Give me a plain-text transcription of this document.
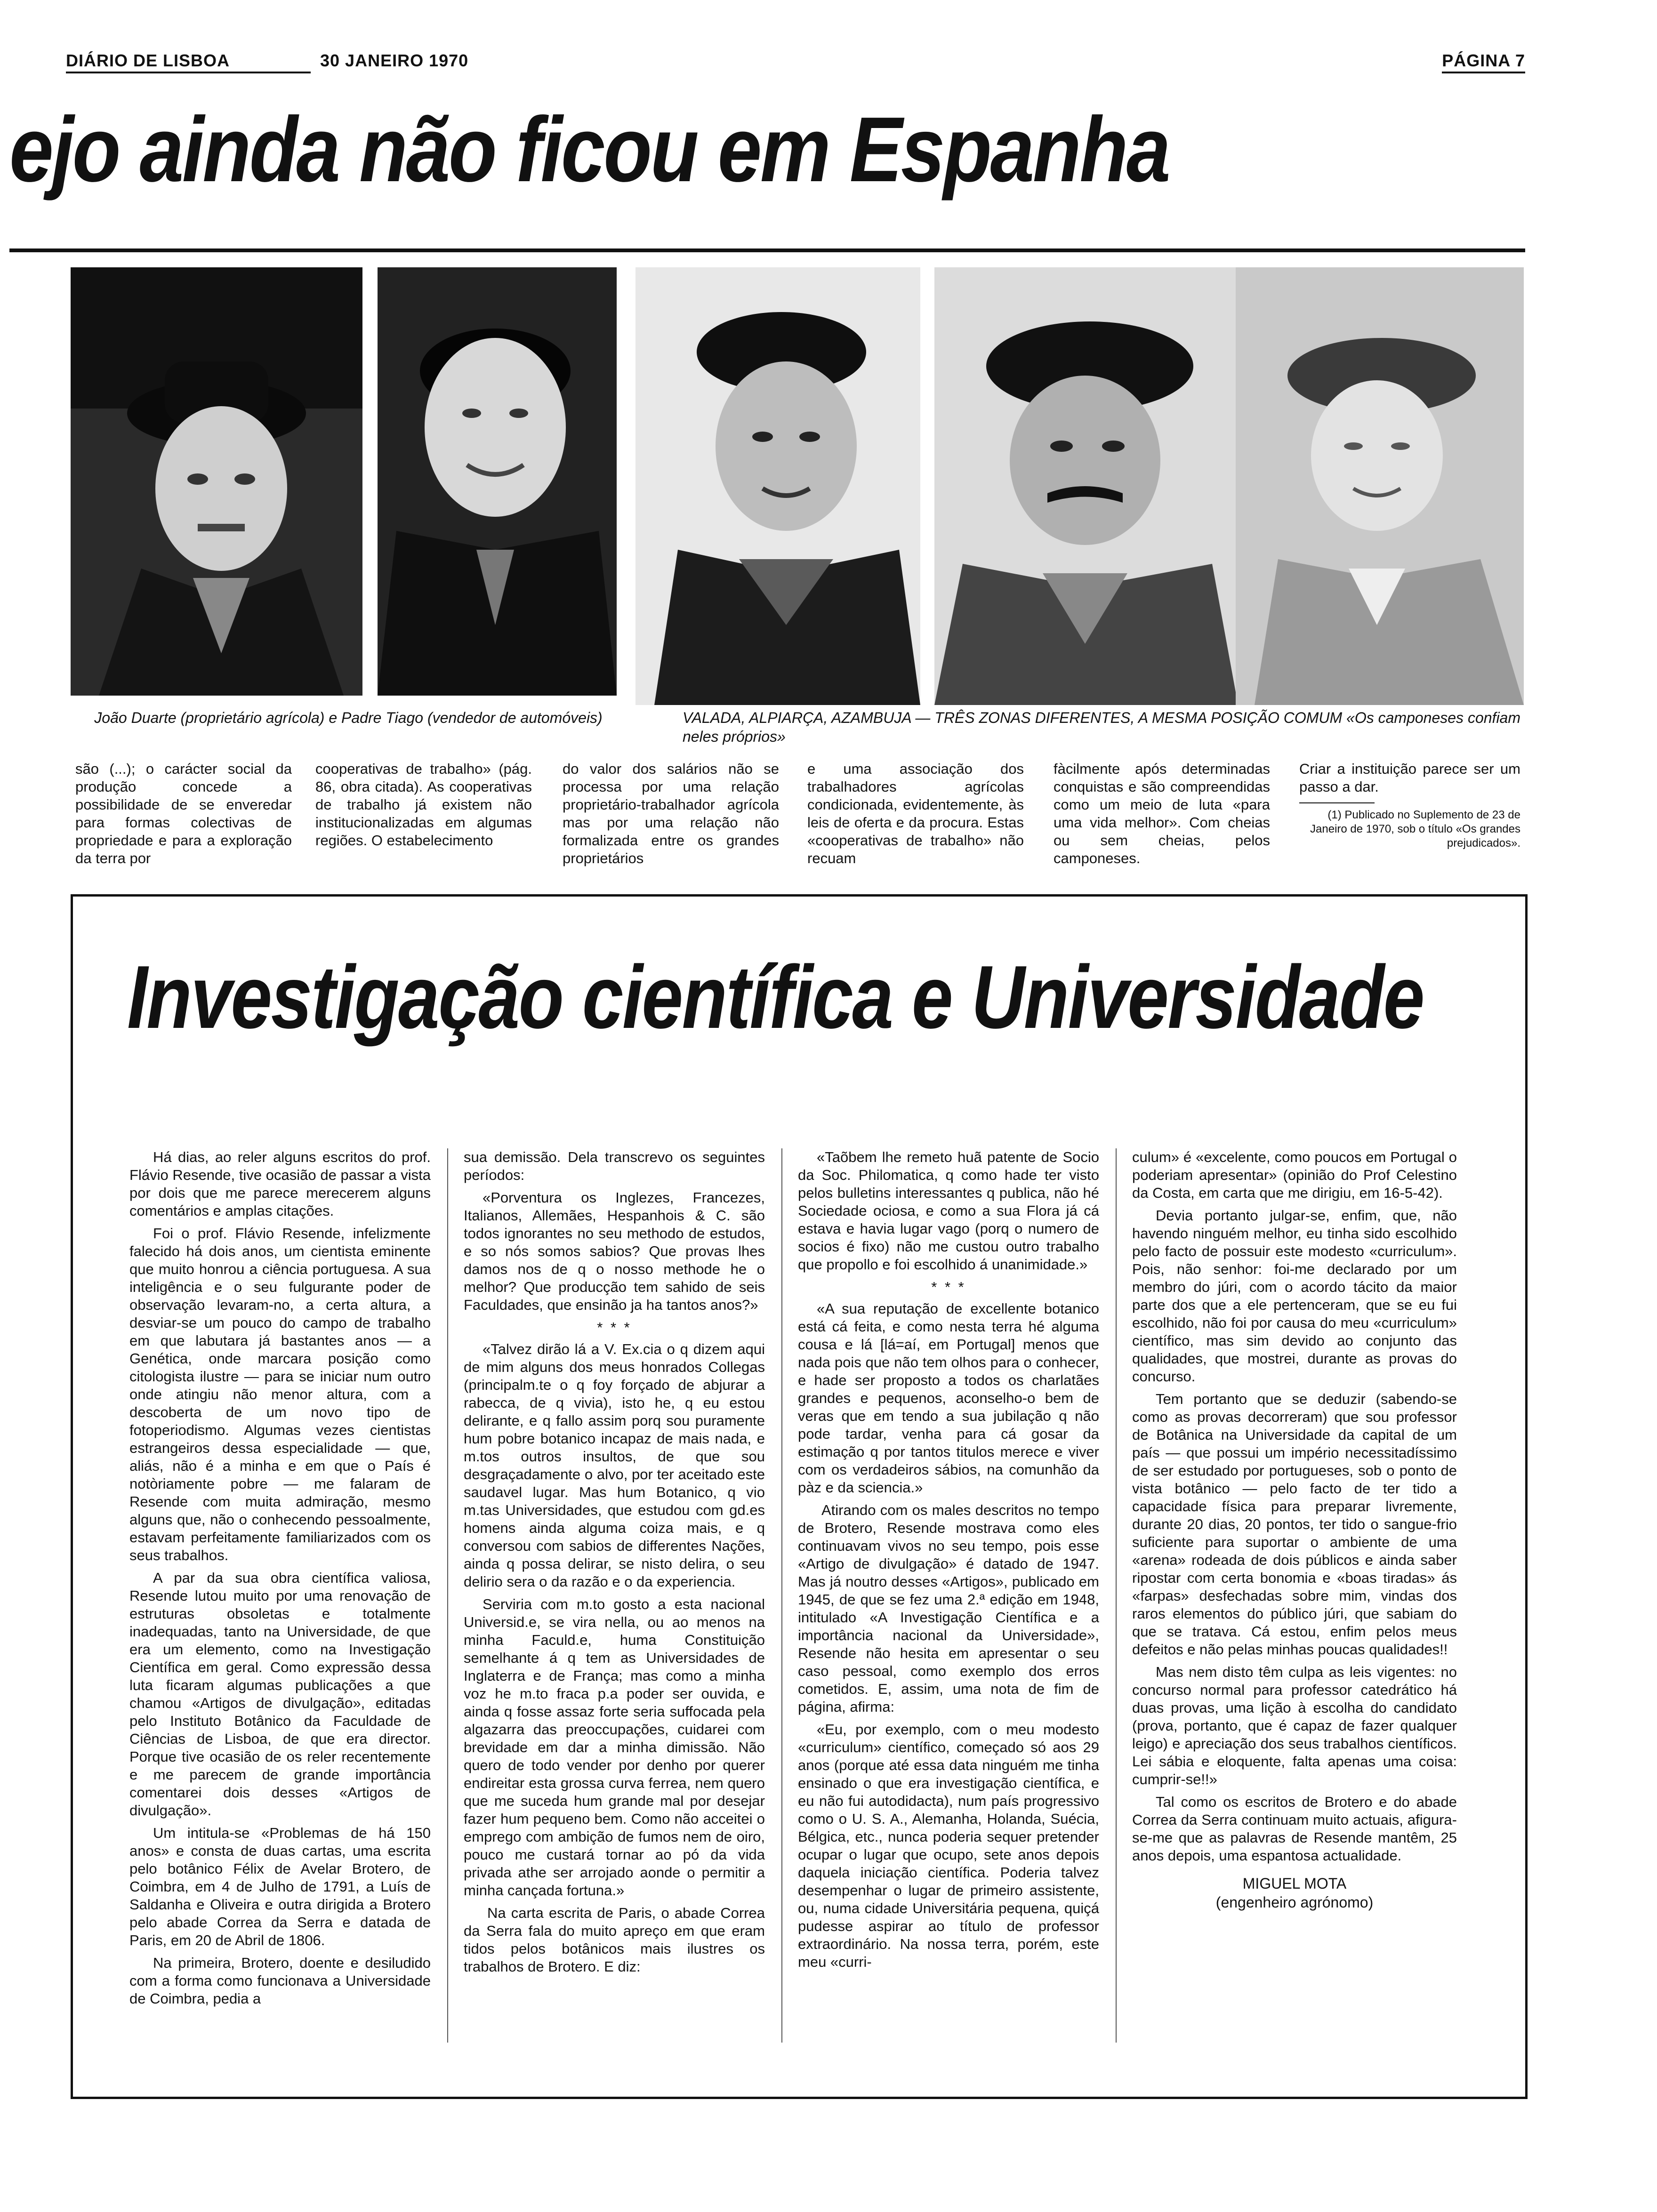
DIÁRIO DE LISBOA	30 JANEIRO 1970	PÁGINA 7
ejo ainda não ficou em Espanha
João Duarte (proprietário agrícola) e Padre Tiago (vendedor de automóveis)	VALADA, ALPIARÇA, AZAMBUJA — TRÊS ZONAS DIFERENTES, A MESMA POSIÇÃO COMUM «Os camponeses confiam neles próprios»

são (...); o carácter social da produção concede a possibilidade de se enveredar para formas colectivas de propriedade e para a exploração da terra por

cooperativas de trabalho» (pág. 86, obra citada). As cooperativas de trabalho já existem não institucionalizadas em algumas regiões. O estabelecimento

do valor dos salários não se processa por uma relação proprietário-trabalhador agrícola mas por uma relação não formalizada entre os grandes proprietários

e uma associação dos trabalhadores agrícolas condicionada, evidentemente, às leis de oferta e da procura. Estas «cooperativas de trabalho» não recuam

fàcilmente após determinadas conquistas e são compreendidas como um meio de luta «para uma vida melhor». Com cheias ou sem cheias, pelos camponeses.

Criar a instituição parece ser um passo a dar.

(1) Publicado no Suplemento de 23 de Janeiro de 1970, sob o título «Os grandes prejudicados».
Investigação científica e Universidade

Há dias, ao reler alguns escritos do prof. Flávio Resende, tive ocasião de passar a vista por dois que me parece merecerem alguns comentários e amplas citações.

Foi o prof. Flávio Resende, infelizmente falecido há dois anos, um cientista eminente que muito honrou a ciência portuguesa. A sua inteligência e o seu fulgurante poder de observação levaram-no, a certa altura, a desviar-se um pouco do campo de trabalho em que labutara já bastantes anos — a Genética, onde marcara posição como citologista ilustre — para se iniciar num outro onde atingiu não menor altura, com a descoberta de um novo tipo de fotoperiodismo. Algumas vezes cientistas estrangeiros dessa especialidade — que, aliás, não é a minha e em que o País é notòriamente pobre — me falaram de Resende com muita admiração, mesmo alguns que, não o conhecendo pessoalmente, estavam perfeitamente familiarizados com os seus trabalhos.

A par da sua obra científica valiosa, Resende lutou muito por uma renovação de estruturas obsoletas e totalmente inadequadas, tanto na Universidade, de que era um elemento, como na Investigação Científica em geral. Como expressão dessa luta ficaram algumas publicações a que chamou «Artigos de divulgação», editadas pelo Instituto Botânico da Faculdade de Ciências de Lisboa, de que era director. Porque tive ocasião de os reler recentemente e me parecem de grande importância comentarei dois desses «Artigos de divulgação».

Um intitula-se «Problemas de há 150 anos» e consta de duas cartas, uma escrita pelo botânico Félix de Avelar Brotero, de Coimbra, em 4 de Julho de 1791, a Luís de Saldanha e Oliveira e outra dirigida a Brotero pelo abade Correa da Serra e datada de Paris, em 20 de Abril de 1806.

Na primeira, Brotero, doente e desiludido com a forma como funcionava a Universidade de Coimbra, pedia a

sua demissão. Dela transcrevo os seguintes períodos:

«Porventura os Inglezes, Francezes, Italianos, Allemães, Hespanhois & C. são todos ignorantes no seu methodo de estudos, e so nós somos sabios? Que provas lhes damos nos de q o nosso methode he o melhor? Que producção tem sahido de seis Faculdades, que ensinão ja ha tantos anos?»

* * *

«Talvez dirão lá a V. Ex.cia o q dizem aqui de mim alguns dos meus honrados Collegas (principalm.te o q foy forçado de abjurar a rabecca, de q vivia), isto he, q eu estou delirante, e q fallo assim porq sou puramente hum pobre botanico incapaz de mais nada, e m.tos outros insultos, de que sou desgraçadamente o alvo, por ter aceitado este saudavel lugar. Mas hum Botanico, q vio m.tas Universidades, que estudou com gd.es homens ainda alguma coiza mais, e q conversou com sabios de differentes Nações, ainda q possa delirar, se nisto delira, o seu delirio sera o da razão e o da experiencia.

Serviria com m.to gosto a esta nacional Universid.e, se vira nella, ou ao menos na minha Faculd.e, huma Constituição semelhante á q tem as Universidades de Inglaterra e de França; mas como a minha voz he m.to fraca p.a poder ser ouvida, e ainda q fosse assaz forte seria suffocada pela algazarra das preoccupações, cuidarei com brevidade em dar a minha dimissão. Não quero de todo vender por denho por querer endireitar esta grossa curva ferrea, nem quero que me suceda hum grande mal por desejar fazer hum pequeno bem. Como não acceitei o emprego com ambição de fumos nem de oiro, pouco me custará tornar ao pó da vida privada athe ser arrojado aonde o permitir a minha cançada fortuna.»

Na carta escrita de Paris, o abade Correa da Serra fala do muito apreço em que eram tidos pelos botânicos mais ilustres os trabalhos de Brotero. E diz:

«Taõbem lhe remeto huã patente de Socio da Soc. Philomatica, q como hade ter visto pelos bulletins interessantes q publica, não hé Sociedade ociosa, e como a sua Flora já cá estava e havia lugar vago (porq o numero de socios é fixo) não me custou outro trabalho que propollo e foi escolhido á unanimidade.»

* * *

«A sua reputação de excellente botanico está cá feita, e como nesta terra hé alguma cousa e lá [lá=aí, em Portugal] menos que nada pois que não tem olhos para o conhecer, e hade ser proposto a todos os charlatães grandes e pequenos, aconselho-o bem de veras que em tendo a sua jubilação q não pode tardar, venha para cá gosar da estimação q por tantos titulos merece e viver com os verdadeiros sábios, na comunhão da pàz e da sciencia.»

Atirando com os males descritos no tempo de Brotero, Resende mostrava como eles continuavam vivos no seu tempo, pois esse «Artigo de divulgação» é datado de 1947. Mas já noutro desses «Artigos», publicado em 1945, de que se fez uma 2.ª edição em 1948, intitulado «A Investigação Científica e a importância nacional da Universidade», Resende não hesita em apresentar o seu caso pessoal, como exemplo dos erros cometidos. E, assim, uma nota de fim de página, afirma:

«Eu, por exemplo, com o meu modesto «curriculum» científico, começado só aos 29 anos (porque até essa data ninguém me tinha ensinado o que era investigação científica, e eu não fui autodidacta), num país progressivo como o U. S. A., Alemanha, Holanda, Suécia, Bélgica, etc., nunca poderia sequer pretender ocupar o lugar que ocupo, sete anos depois daquela iniciação científica. Poderia talvez desempenhar o lugar de primeiro assistente, ou, numa cidade Universitária pequena, quiçá pudesse aspirar ao título de professor extraordinário. Na nossa terra, porém, este meu «curri-

culum» é «excelente, como poucos em Portugal o poderiam apresentar» (opinião do Prof Celestino da Costa, em carta que me dirigiu, em 16-5-42).

Devia portanto julgar-se, enfim, que, não havendo ninguém melhor, eu tinha sido escolhido pelo facto de possuir este modesto «curriculum». Pois, não senhor: foi-me declarado por um membro do júri, com o acordo tácito da maior parte dos que a ele pertenceram, que se eu fui escolhido, não foi por causa do meu «curriculum» científico, mas sim devido ao conjunto das qualidades, que mostrei, durante as provas do concurso.

Tem portanto que se deduzir (sabendo-se como as provas decorreram) que sou professor de Botânica na Universidade da capital de um país — que possui um império necessitadíssimo de ser estudado por portugueses, sob o ponto de vista botânico — pelo facto de ter tido a capacidade física para preparar livremente, durante 20 dias, 20 pontos, ter tido o sangue-frio suficiente para suportar o ambiente de uma «arena» rodeada de dois públicos e ainda saber ripostar com certa bonomia e «boas tiradas» ás «farpas» desfechadas sobre mim, vindas dos raros elementos do público júri, que sabiam do que se tratava. Cá estou, enfim pelos meus defeitos e não pelas minhas poucas qualidades!!

Mas nem disto têm culpa as leis vigentes: no concurso normal para professor catedrático há duas provas, uma lição à escolha do candidato (prova, portanto, que é capaz de fazer qualquer leigo) e apreciação dos seus trabalhos científicos. Lei sábia e eloquente, falta apenas uma coisa: cumprir-se!!»

Tal como os escritos de Brotero e do abade Correa da Serra continuam muito actuais, afigura-se-me que as palavras de Resende mantêm, 25 anos depois, uma espantosa actualidade.

MIGUEL MOTA
(engenheiro agrónomo)
